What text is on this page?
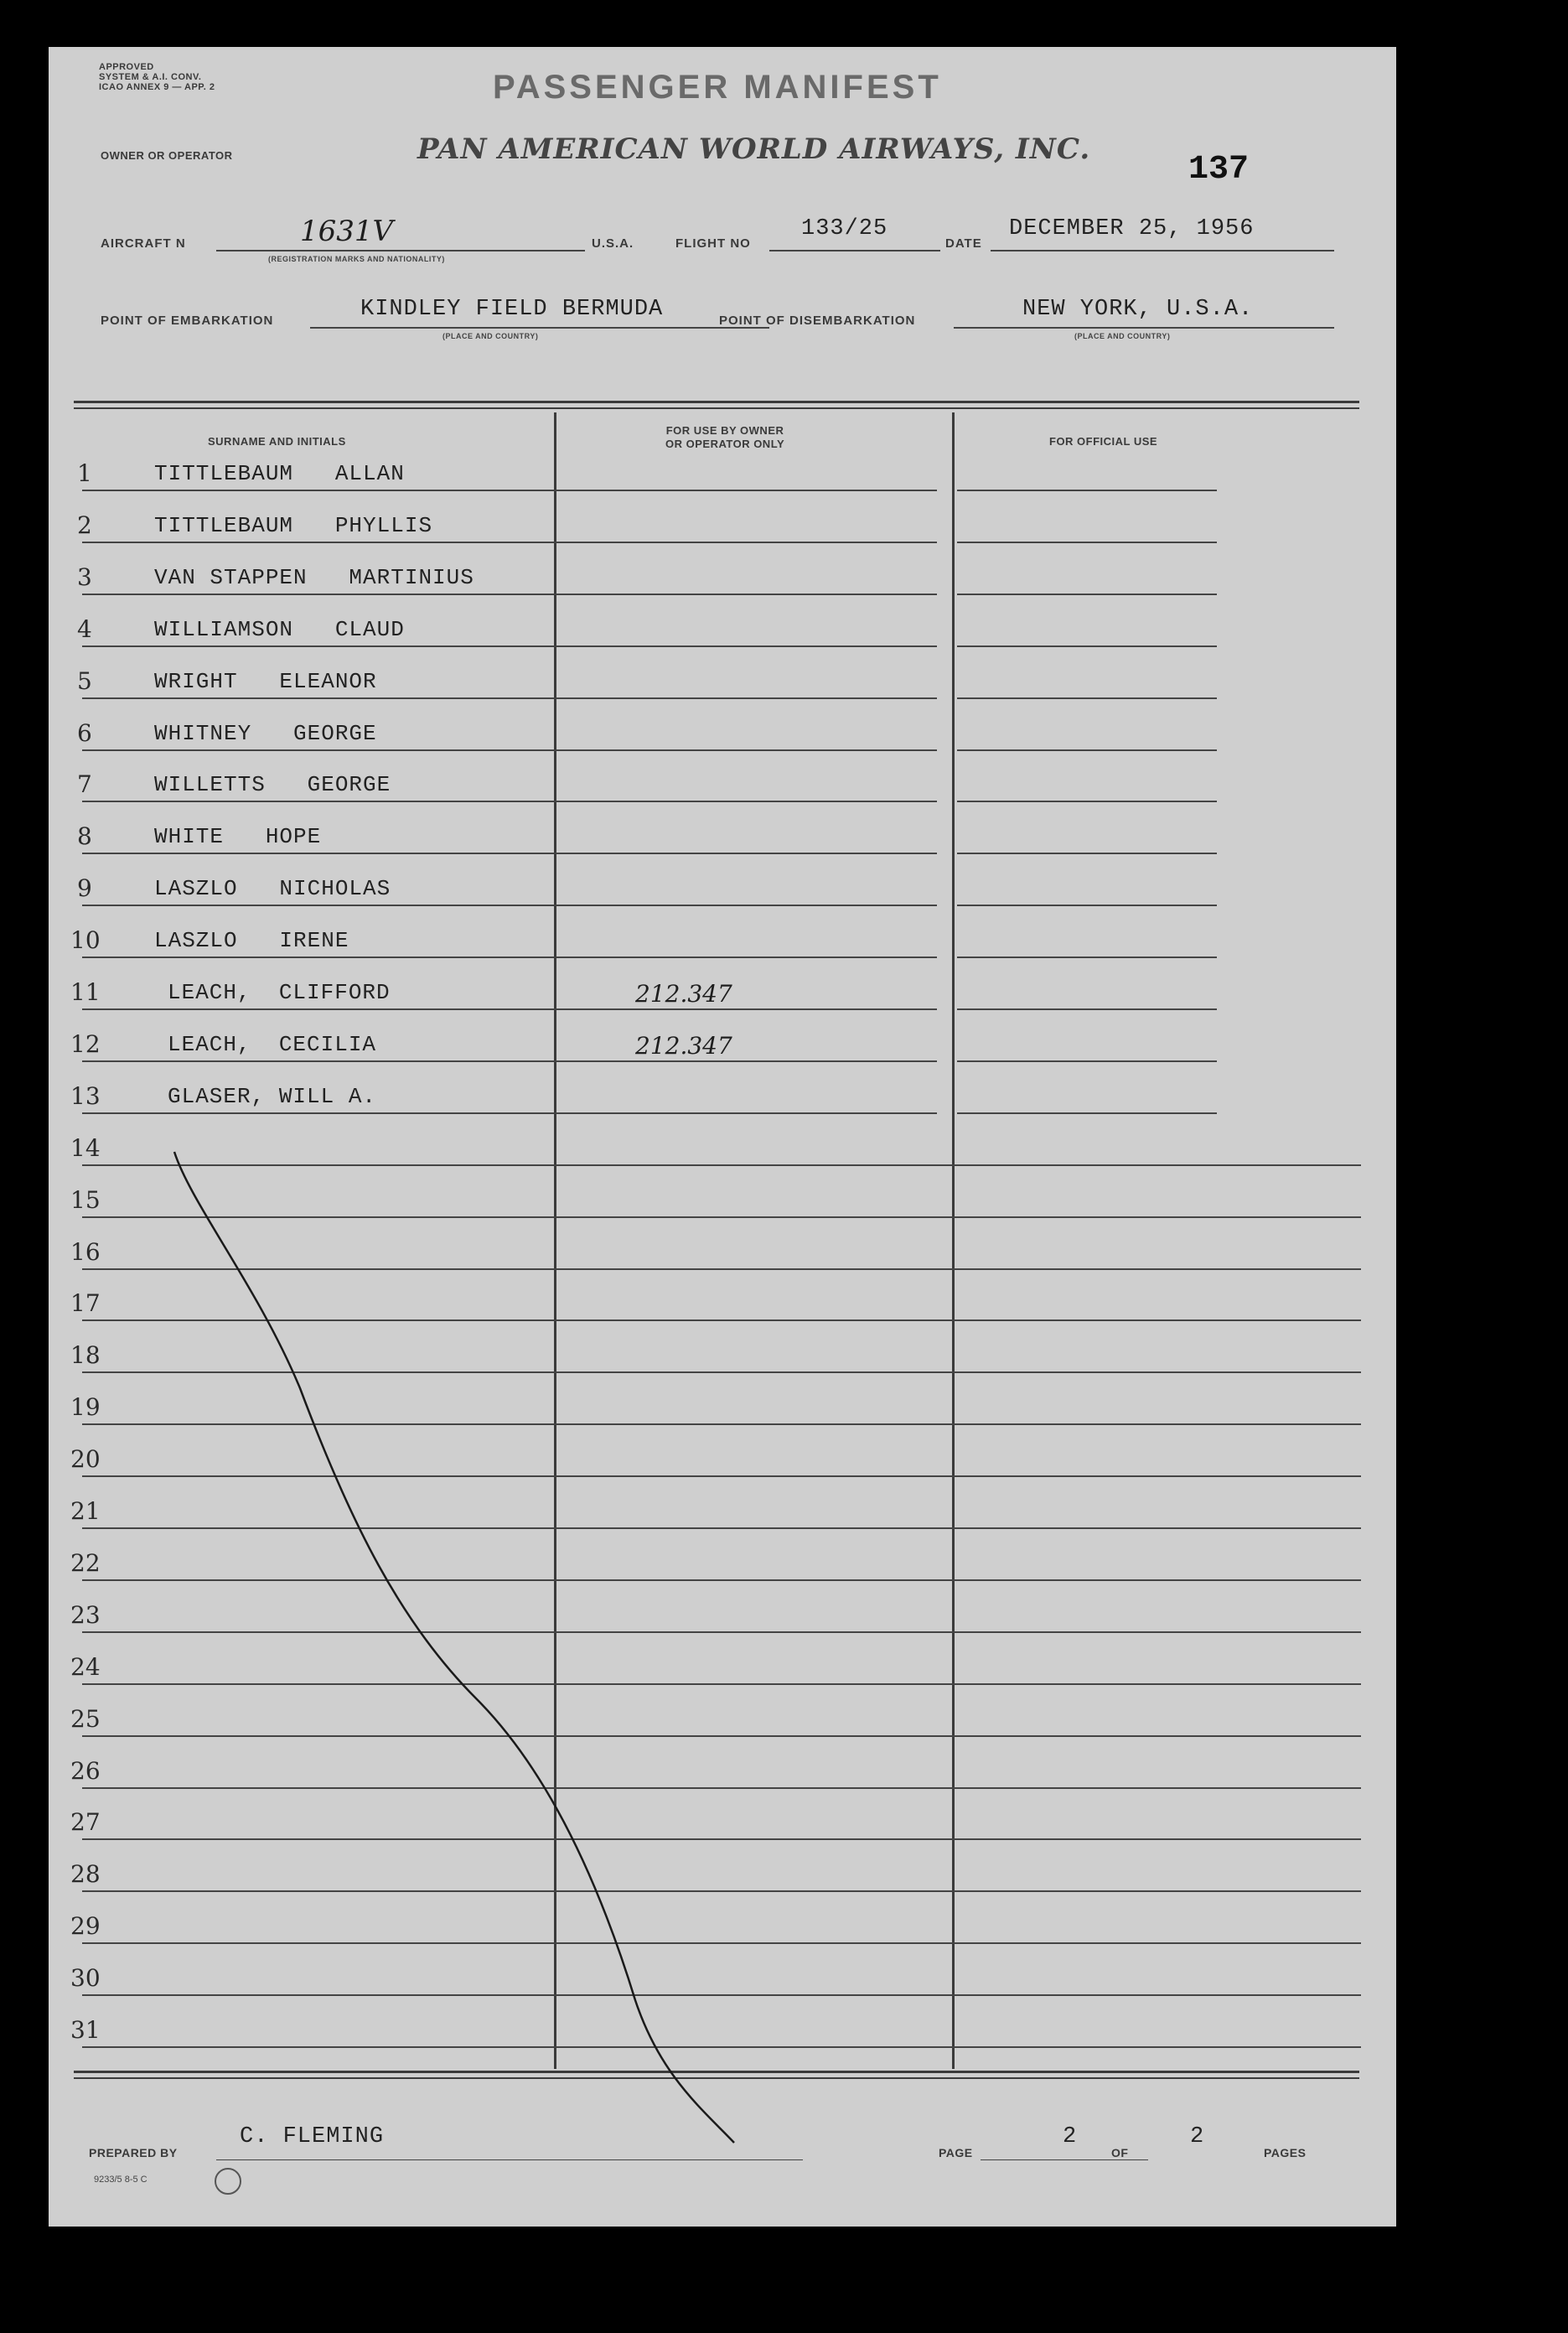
APPROVED
SYSTEM & A.I. CONV.
ICAO ANNEX 9 — APP. 2	PASSENGER MANIFEST
OWNER OR OPERATOR	PAN AMERICAN WORLD AIRWAYS, INC.
137
AIRCRAFT N	1631V
(REGISTRATION MARKS AND NATIONALITY)
U.S.A.	FLIGHT NO
133/25
DATE
DECEMBER 25, 1956
POINT OF EMBARKATION	KINDLEY FIELD BERMUDA
(PLACE AND COUNTRY)
POINT OF DISEMBARKATION	NEW YORK, U.S.A.
(PLACE AND COUNTRY)
SURNAME AND INITIALS
FOR USE BY OWNER
OR OPERATOR ONLY	FOR OFFICIAL USE
1	TITTLEBAUM   ALLAN
2	TITTLEBAUM   PHYLLIS
3	VAN STAPPEN   MARTINIUS
4	WILLIAMSON   CLAUD
5	WRIGHT   ELEANOR
6	WHITNEY   GEORGE
7	WILLETTS   GEORGE
8	WHITE   HOPE
9	LASZLO   NICHOLAS
10 LASZLO   IRENE
11	LEACH,  CLIFFORD	212.347
12	LEACH,  CECILIA	212.347
13	GLASER, WILL A.
14
15
16
17
18
19
20
21
22
23
24
25
26
27
28
29
30
31
PREPARED BY
C. FLEMING
PAGE
2
OF
2
PAGES
9233/5 8-5 C
